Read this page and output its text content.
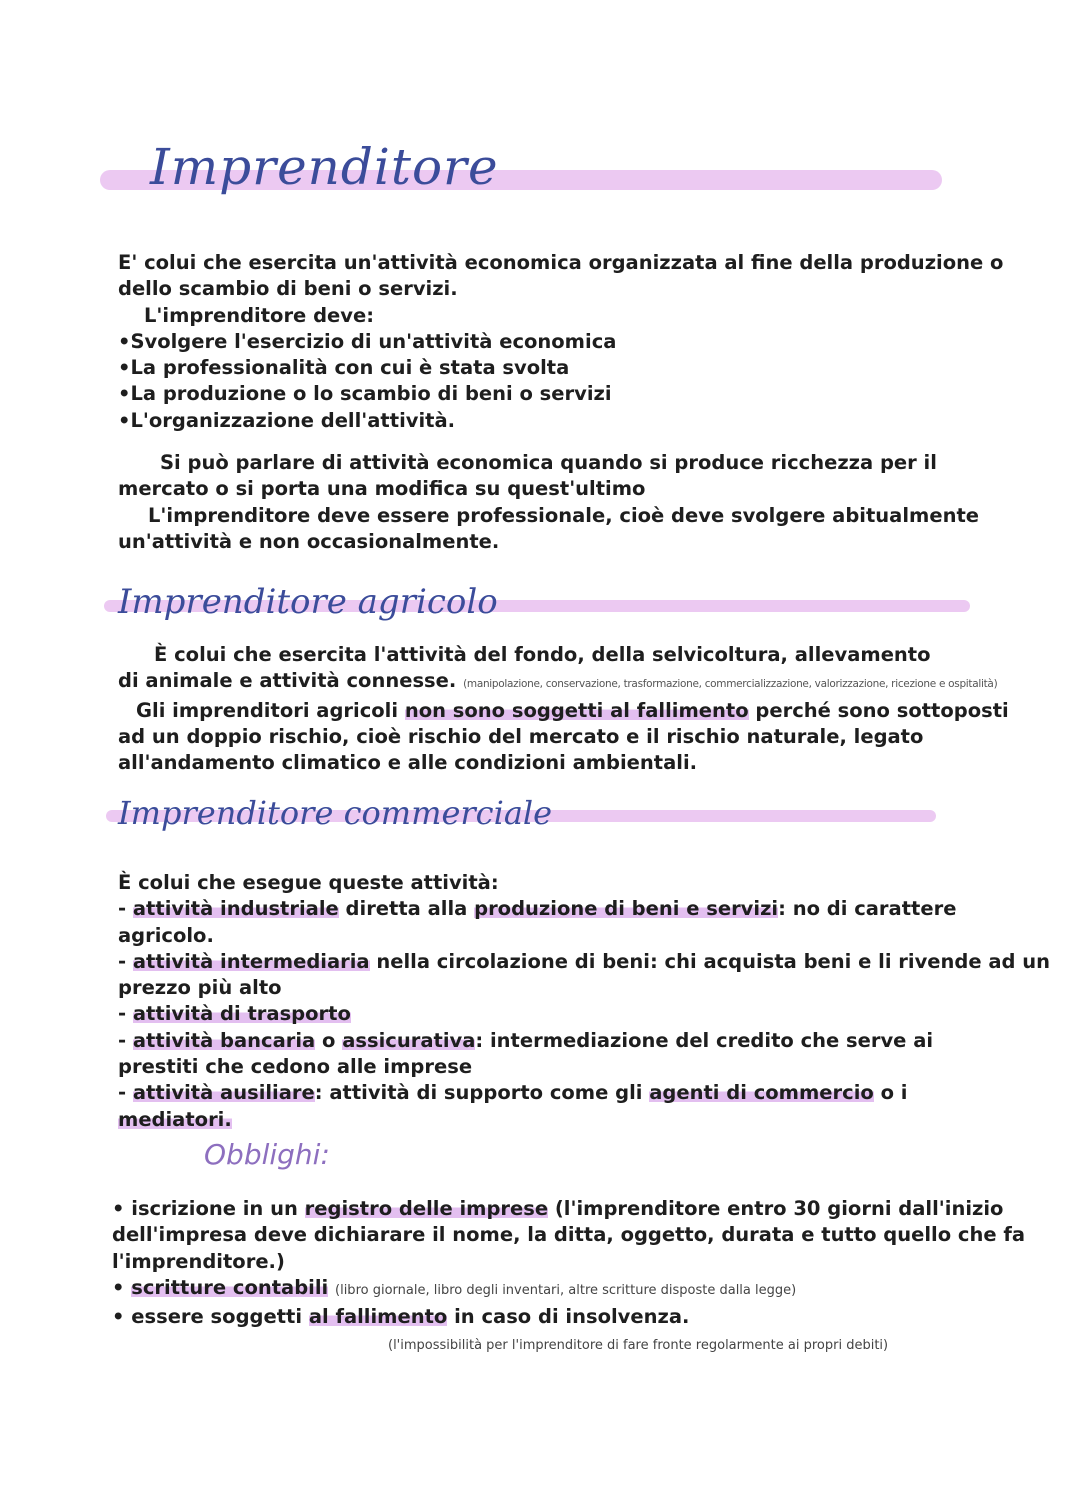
Imprenditore

E' colui che esercita un'attività economica organizzata al fine della produzione o

dello scambio di beni o servizi.

L'imprenditore deve:

•Svolgere l'esercizio di un'attività economica

•La professionalità con cui è stata svolta

•La produzione o lo scambio di beni o servizi

•L'organizzazione dell'attività.

Si può parlare di attività economica quando si produce ricchezza per il

mercato o si porta una modifica su quest'ultimo

L'imprenditore deve essere professionale, cioè deve svolgere abitualmente

un'attività e non occasionalmente.

Imprenditore agricolo

È colui che esercita l'attività del fondo, della selvicoltura, allevamento

di animale e attività connesse. (manipolazione, conservazione, trasformazione, commercializzazione, valorizzazione, ricezione e ospitalità)

Gli imprenditori agricoli non sono soggetti al fallimento perché sono sottoposti

ad un doppio rischio, cioè rischio del mercato e il rischio naturale, legato

all'andamento climatico e alle condizioni ambientali.

Imprenditore commerciale

È colui che esegue queste attività:

- attività industriale diretta alla produzione di beni e servizi: no di carattere

agricolo.

- attività intermediaria nella circolazione di beni: chi acquista beni e li rivende ad un

prezzo più alto

- attività di trasporto

- attività bancaria o assicurativa: intermediazione del credito che serve ai

prestiti che cedono alle imprese

- attività ausiliare: attività di supporto come gli agenti di commercio o i

mediatori.

Obblighi:

• iscrizione in un registro delle imprese (l'imprenditore entro 30 giorni dall'inizio

dell'impresa deve dichiarare il nome, la ditta, oggetto, durata e tutto quello che fa

l'imprenditore.)

• scritture contabili (libro giornale, libro degli inventari, altre scritture disposte dalla legge)

• essere soggetti al fallimento in caso di insolvenza.

(l'impossibilità per l'imprenditore di fare fronte regolarmente ai propri debiti)
